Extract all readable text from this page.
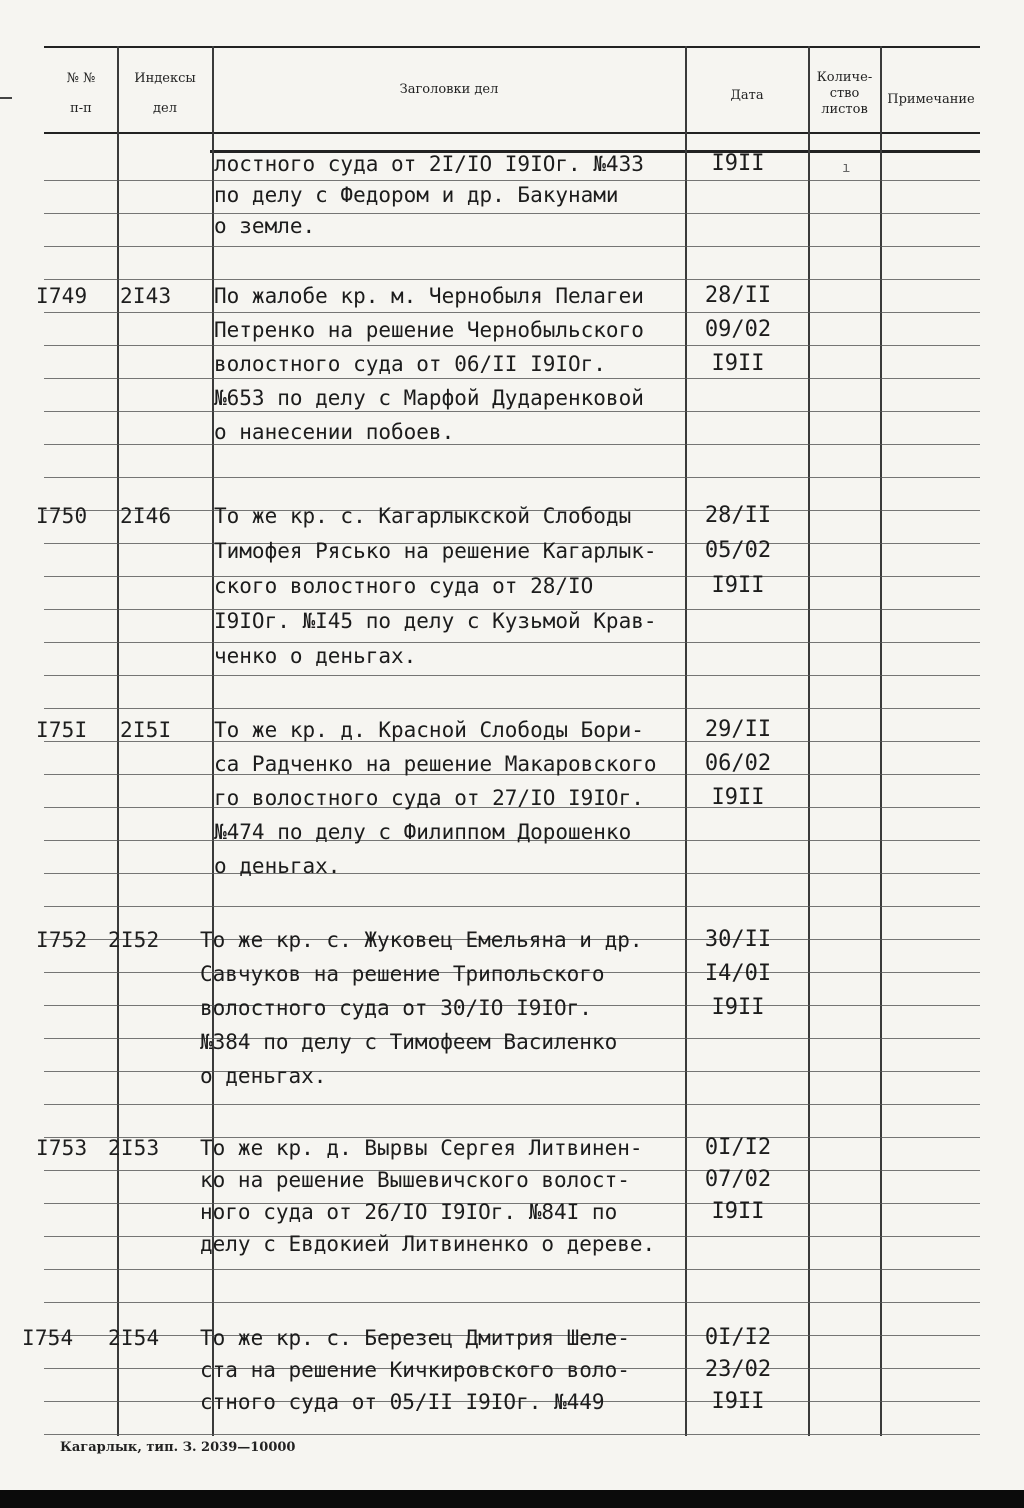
№ №
п-п
Индексы
дел
Заголовки дел	Дата
Количе-
ство
листов
Примечание
лостного суда от 2I/IO I9IOг. №433
по делу с Федором и др. Бакунами
о земле.
I9II
I749 2I43 По жалобе кр. м. Чернобыля Пелагеи
Петренко на решение Чернобыльского
волостного суда от 06/II I9IOг.
№653 по делу с Марфой Дударенковой
о нанесении побоев.
28/II
09/02
I9II
I750 2I46 То же кр. с. Кагарлыкской Слободы
Тимофея Рясько на решение Кагарлык-
ского волостного суда от 28/IO
I9IOг. №I45 по делу с Кузьмой Крав-
ченко о деньгах.
28/II
05/02
I9II
I75I 2I5I То же кр. д. Красной Слободы Бори-
са Радченко на решение Макаровского
го волостного суда от 27/IO I9IOг.
№474 по делу с Филиппом Дорошенко
о деньгах.
29/II
06/02
I9II
I752 2I52 То же кр. с. Жуковец Емельяна и др.
Савчуков на решение Трипольского
волостного суда от 30/IO I9IOг.
№384 по делу с Тимофеем Василенко
о деньгах.
30/II
I4/0I
I9II
I753 2I53 То же кр. д. Вырвы Сергея Литвинен-
ко на решение Вышевичского волост-
ного суда от 26/IO I9IOг. №84I по
делу с Евдокией Литвиненко о дереве.
0I/I2
07/02
I9II
I754 2I54 То же кр. с. Березец Дмитрия Шеле-
ста на решение Кичкировского воло-
стного суда от 05/II I9IOг. №449
0I/I2
23/02
I9II
ı
Кагарлык, тип. З. 2039—10000
